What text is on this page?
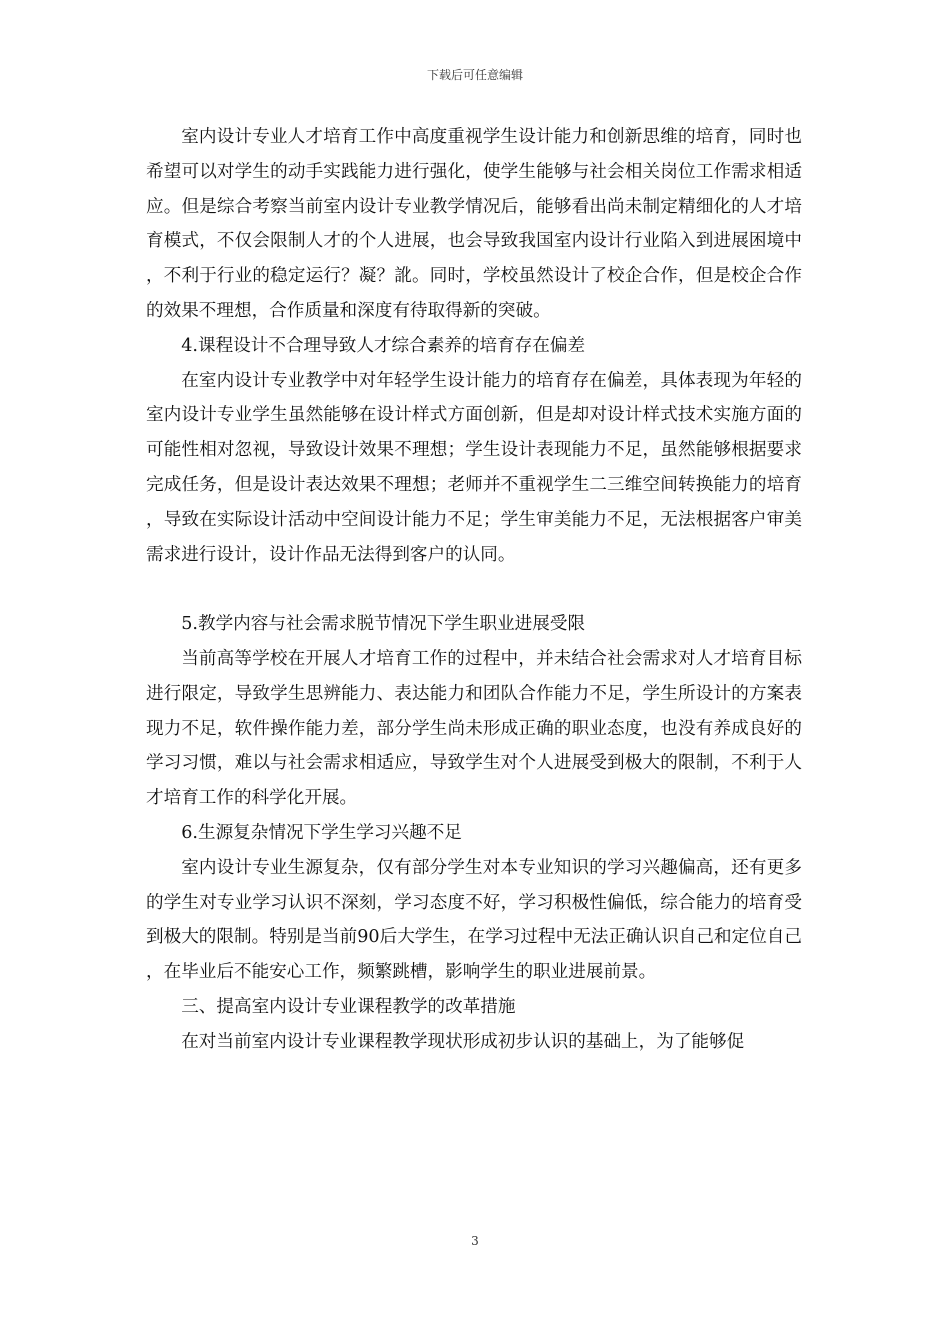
下载后可任意编辑

室内设计专业人才培育工作中高度重视学生设计能力和创新思维的培育，同时也希望可以对学生的动手实践能力进行强化，使学生能够与社会相关岗位工作需求相适应。但是综合考察当前室内设计专业教学情况后，能够看出尚未制定精细化的人才培育模式，不仅会限制人才的个人进展，也会导致我国室内设计行业陷入到进展困境中，不利于行业的稳定运行？凝？訛。同时，学校虽然设计了校企合作，但是校企合作的效果不理想，合作质量和深度有待取得新的突破。

4.课程设计不合理导致人才综合素养的培育存在偏差

在室内设计专业教学中对年轻学生设计能力的培育存在偏差，具体表现为年轻的室内设计专业学生虽然能够在设计样式方面创新，但是却对设计样式技术实施方面的可能性相对忽视，导致设计效果不理想；学生设计表现能力不足，虽然能够根据要求完成任务，但是设计表达效果不理想；老师并不重视学生二三维空间转换能力的培育，导致在实际设计活动中空间设计能力不足；学生审美能力不足，无法根据客户审美需求进行设计，设计作品无法得到客户的认同。

5.教学内容与社会需求脱节情况下学生职业进展受限

当前高等学校在开展人才培育工作的过程中，并未结合社会需求对人才培育目标进行限定，导致学生思辨能力、表达能力和团队合作能力不足，学生所设计的方案表现力不足，软件操作能力差，部分学生尚未形成正确的职业态度，也没有养成良好的学习习惯，难以与社会需求相适应，导致学生对个人进展受到极大的限制，不利于人才培育工作的科学化开展。

6.生源复杂情况下学生学习兴趣不足

室内设计专业生源复杂，仅有部分学生对本专业知识的学习兴趣偏高，还有更多的学生对专业学习认识不深刻，学习态度不好，学习积极性偏低，综合能力的培育受到极大的限制。特别是当前90后大学生，在学习过程中无法正确认识自己和定位自己，在毕业后不能安心工作，频繁跳槽，影响学生的职业进展前景。

三、提高室内设计专业课程教学的改革措施

在对当前室内设计专业课程教学现状形成初步认识的基础上，为了能够促

3
